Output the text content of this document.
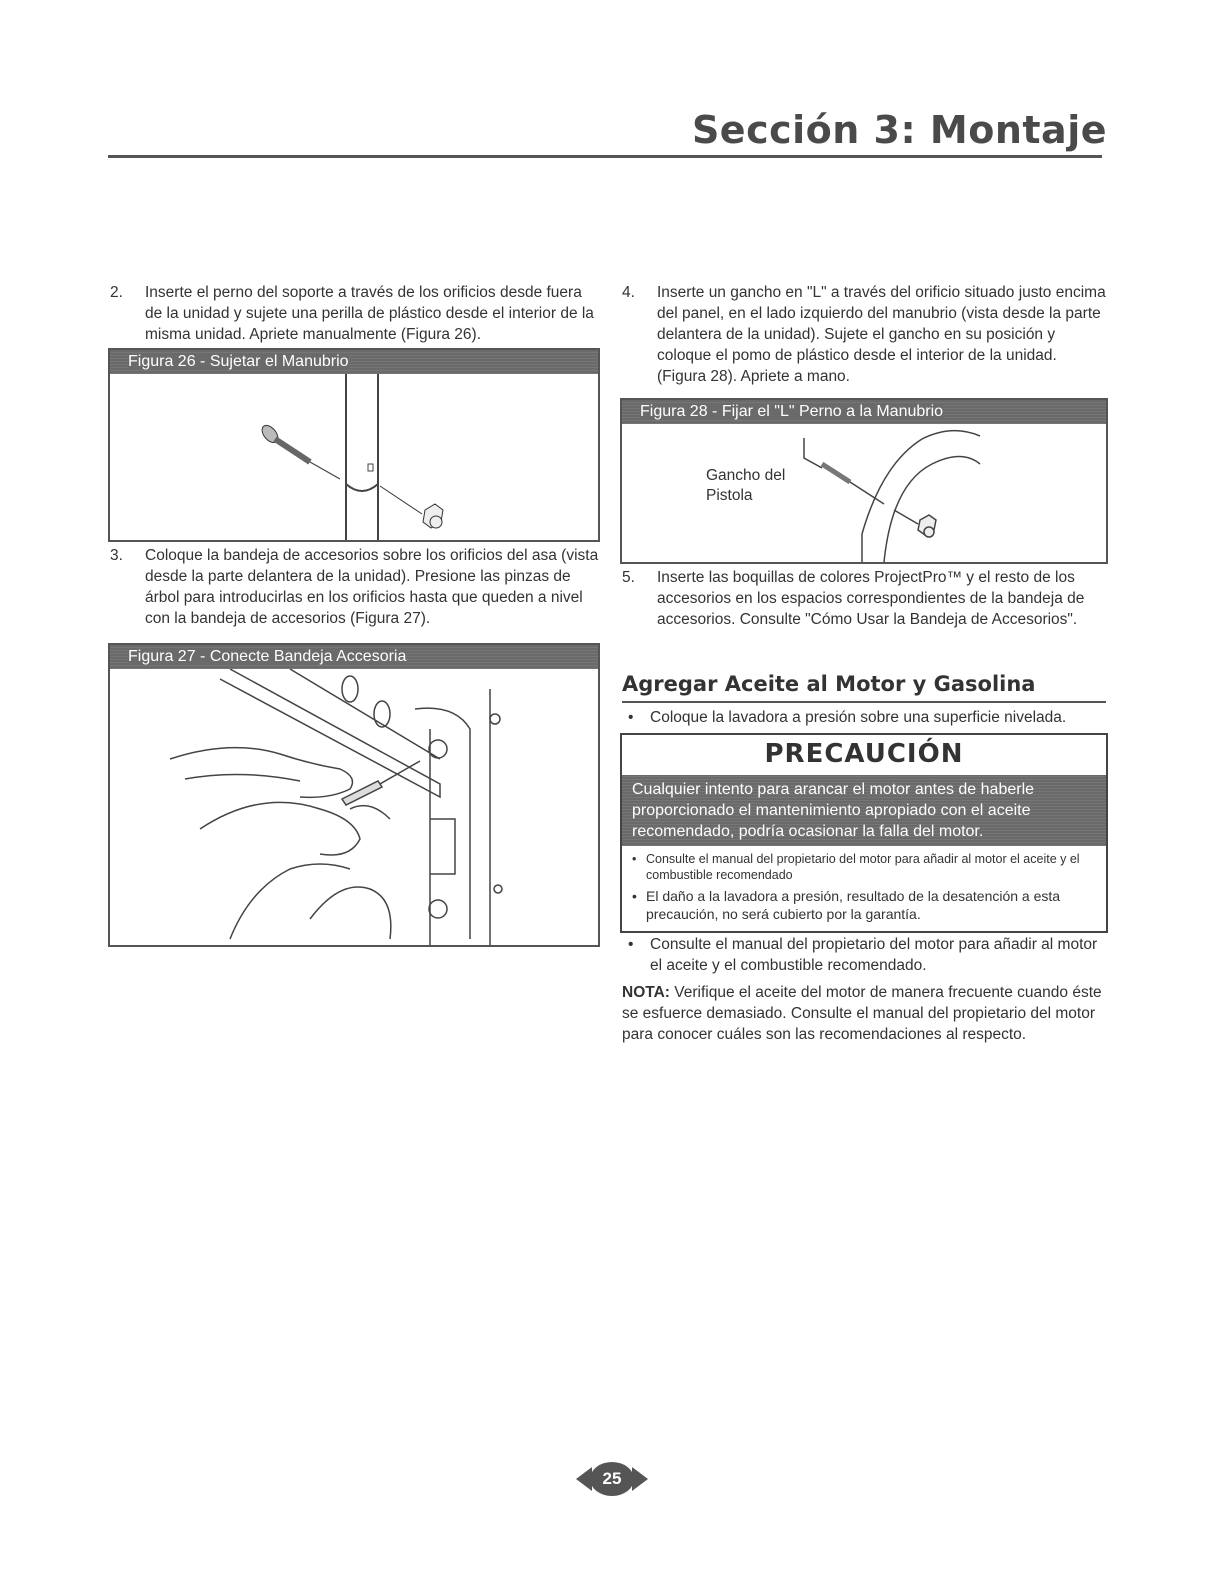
Sección 3: Montaje
2. Inserte el perno del soporte a través de los orificios desde fuera de la unidad y sujete una perilla de plástico desde el interior de la misma unidad. Apriete manualmente (Figura 26).
Figura 26 - Sujetar el Manubrio
3. Coloque la bandeja de accesorios sobre los orificios del asa (vista desde la parte delantera de la unidad). Presione las pinzas de árbol para introducirlas en los orificios hasta que queden a nivel con la bandeja de accesorios (Figura 27).
Figura 27 - Conecte Bandeja Accesoria
4. Inserte un gancho en "L" a través del orificio situado justo encima del panel, en el lado izquierdo del manubrio (vista desde la parte delantera de la unidad). Sujete el gancho en su posición y coloque el pomo de plástico desde el interior de la unidad. (Figura 28). Apriete a mano.
Figura 28 - Fijar el "L" Perno a la Manubrio
Gancho del
Pistola
5. Inserte las boquillas de colores ProjectPro™ y el resto de los accesorios en los espacios correspondientes de la bandeja de accesorios. Consulte "Cómo Usar la Bandeja de Accesorios".
Agregar Aceite al Motor y Gasolina
• Coloque la lavadora a presión sobre una superficie nivelada.
PRECAUCIÓN
Cualquier intento para arancar el motor antes de haberle proporcionado el mantenimiento apropiado con el aceite recomendado, podría ocasionar la falla del motor.
• Consulte el manual del propietario del motor para añadir al motor el aceite y el combustible recomendado
• El daño a la lavadora a presión, resultado de la desatención a esta precaución, no será cubierto por la garantía.
• Consulte el manual del propietario del motor para añadir al motor el aceite y el combustible recomendado.
NOTA: Verifique el aceite del motor de manera frecuente cuando éste se esfuerce demasiado. Consulte el manual del propietario del motor para conocer cuáles son las recomendaciones al respecto.
25
